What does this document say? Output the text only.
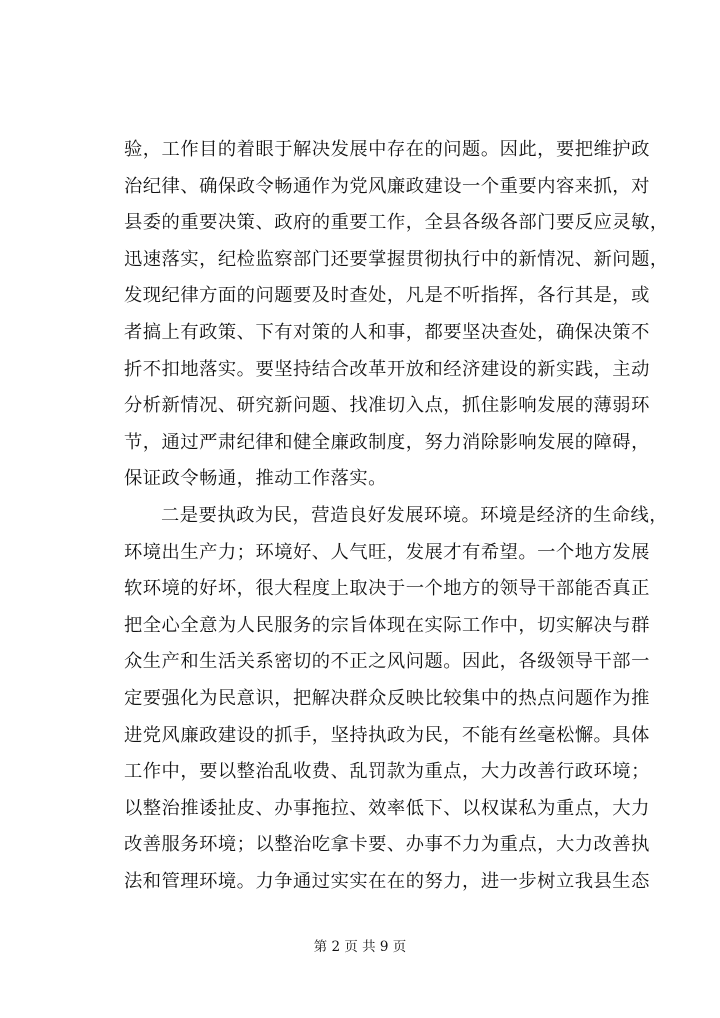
验，工作目的着眼于解决发展中存在的问题。因此，要把维护政
治纪律、确保政令畅通作为党风廉政建设一个重要内容来抓，对
县委的重要决策、政府的重要工作，全县各级各部门要反应灵敏，
迅速落实，纪检监察部门还要掌握贯彻执行中的新情况、新问题，
发现纪律方面的问题要及时查处，凡是不听指挥，各行其是，或
者搞上有政策、下有对策的人和事，都要坚决查处，确保决策不
折不扣地落实。要坚持结合改革开放和经济建设的新实践，主动
分析新情况、研究新问题、找准切入点，抓住影响发展的薄弱环
节，通过严肃纪律和健全廉政制度，努力消除影响发展的障碍，
保证政令畅通，推动工作落实。
二是要执政为民，营造良好发展环境。环境是经济的生命线，
环境出生产力；环境好、人气旺，发展才有希望。一个地方发展
软环境的好坏，很大程度上取决于一个地方的领导干部能否真正
把全心全意为人民服务的宗旨体现在实际工作中，切实解决与群
众生产和生活关系密切的不正之风问题。因此，各级领导干部一
定要强化为民意识，把解决群众反映比较集中的热点问题作为推
进党风廉政建设的抓手，坚持执政为民，不能有丝毫松懈。具体
工作中，要以整治乱收费、乱罚款为重点，大力改善行政环境；
以整治推诿扯皮、办事拖拉、效率低下、以权谋私为重点，大力
改善服务环境；以整治吃拿卡要、办事不力为重点，大力改善执
法和管理环境。力争通过实实在在的努力，进一步树立我县生态
第 2 页 共 9 页
